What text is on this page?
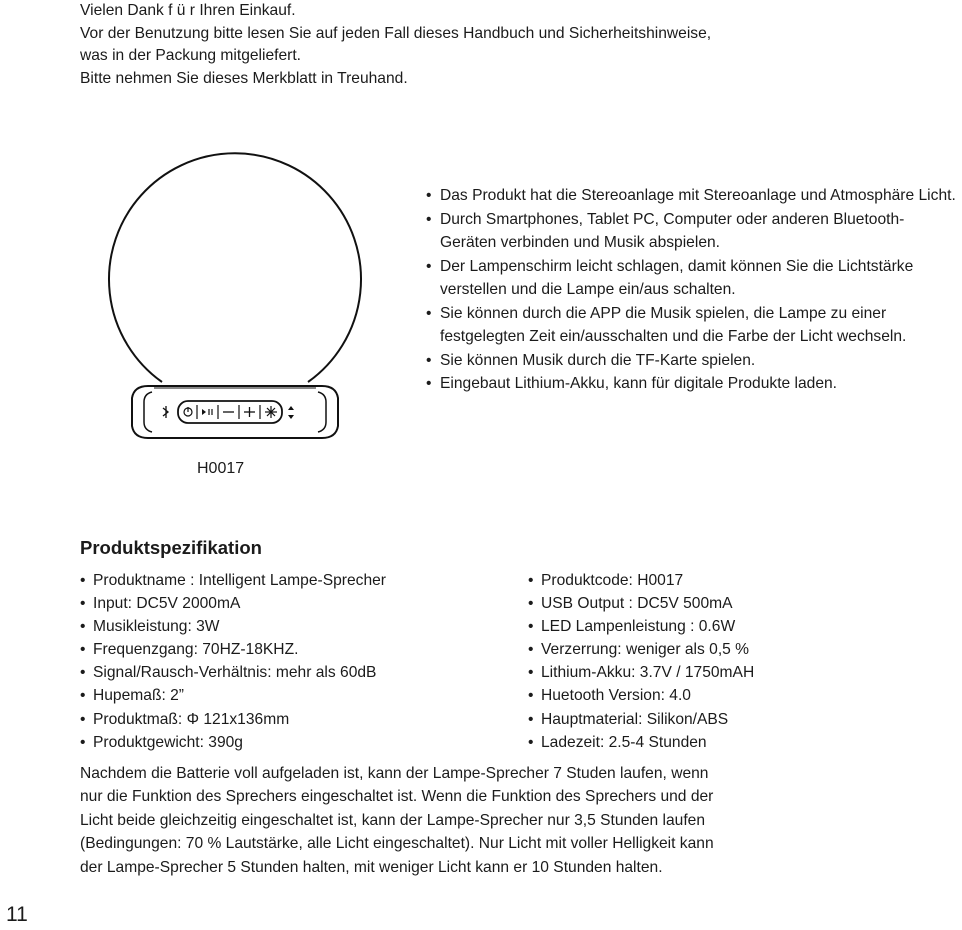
Vielen Dank f ü r Ihren Einkauf.
Vor der Benutzung bitte lesen Sie auf jeden Fall dieses Handbuch und Sicherheitshinweise,
was in der Packung mitgeliefert.
Bitte nehmen Sie dieses Merkblatt in Treuhand.
H0017
• Das Produkt hat die Stereoanlage mit Stereoanlage und Atmosphäre Licht.
• Durch Smartphones, Tablet PC, Computer oder anderen Bluetooth-Geräten verbinden und Musik abspielen.
• Der Lampenschirm leicht schlagen, damit können Sie die Lichtstärke verstellen und die Lampe ein/aus schalten.
• Sie können durch die APP die Musik spielen, die Lampe zu einer festgelegten Zeit ein/ausschalten und die Farbe der Licht wechseln.
• Sie können Musik durch die TF-Karte spielen.
• Eingebaut Lithium-Akku, kann für digitale Produkte laden.
Produktspezifikation
• Produktname : Intelligent Lampe-Sprecher
• Input: DC5V 2000mA
• Musikleistung: 3W
• Frequenzgang: 70HZ-18KHZ.
• Signal/Rausch-Verhältnis: mehr als 60dB
• Hupemaß: 2”
• Produktmaß: Φ 121x136mm
• Produktgewicht: 390g
• Produktcode: H0017
• USB Output : DC5V 500mA
• LED Lampenleistung : 0.6W
• Verzerrung: weniger als 0,5 %
• Lithium-Akku: 3.7V / 1750mAH
• Huetooth Version: 4.0
• Hauptmaterial: Silikon/ABS
• Ladezeit: 2.5-4 Stunden
Nachdem die Batterie voll aufgeladen ist, kann der Lampe-Sprecher 7 Studen laufen, wenn
nur die Funktion des Sprechers eingeschaltet ist. Wenn die Funktion des Sprechers und der
Licht beide gleichzeitig eingeschaltet ist, kann der Lampe-Sprecher nur 3,5 Stunden laufen
(Bedingungen: 70 % Lautstärke, alle Licht eingeschaltet). Nur Licht mit voller Helligkeit kann
der Lampe-Sprecher 5 Stunden halten, mit weniger Licht kann er 10 Stunden halten.
11
